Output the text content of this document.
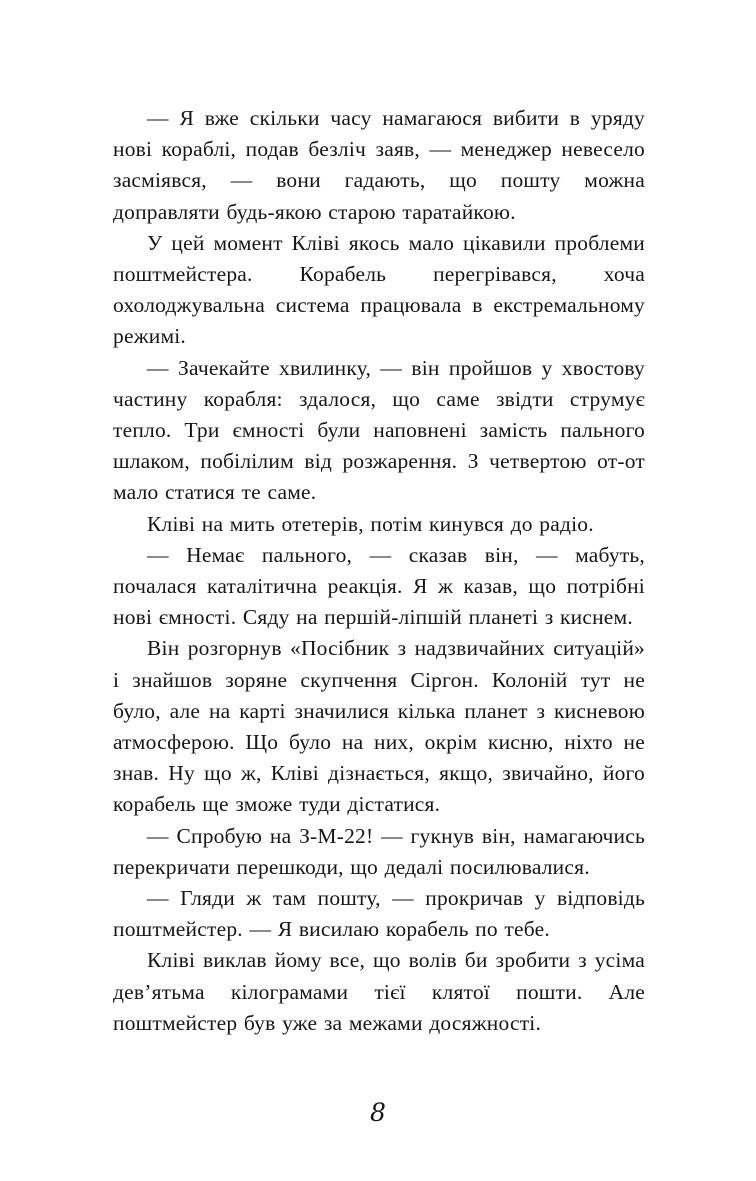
— Я вже скільки часу намагаюся вибити в уряду нові кораблі, подав безліч заяв, — менеджер невесело засміявся, — вони гадають, що пошту можна доправляти будь-якою старою таратайкою.

У цей момент Кліві якось мало цікавили проблеми поштмейстера. Корабель перегрівався, хоча охолоджувальна система працювала в екстремальному режимі.

— Зачекайте хвилинку, — він пройшов у хвостову частину корабля: здалося, що саме звідти струмує тепло. Три ємності були наповнені замість пального шлаком, побілілим від розжарення. З четвертою от-от мало статися те саме.

Кліві на мить отетерів, потім кинувся до радіо.

— Немає пального, — сказав він, — мабуть, почалася каталітична реакція. Я ж казав, що потрібні нові ємності. Сяду на першій-ліпшій планеті з киснем.

Він розгорнув «Посібник з надзвичайних ситуацій» і знайшов зоряне скупчення Сіргон. Колоній тут не було, але на карті значилися кілька планет з кисневою атмосферою. Що було на них, окрім кисню, ніхто не знав. Ну що ж, Кліві дізнається, якщо, звичайно, його корабель ще зможе туди дістатися.

— Спробую на З-М-22! — гукнув він, намагаючись перекричати перешкоди, що дедалі посилювалися.

— Гляди ж там пошту, — прокричав у відповідь поштмейстер. — Я висилаю корабель по тебе.

Кліві виклав йому все, що волів би зробити з усіма дев’ятьма кілограмами тієї клятої пошти. Але поштмейстер був уже за межами досяжності.

8
